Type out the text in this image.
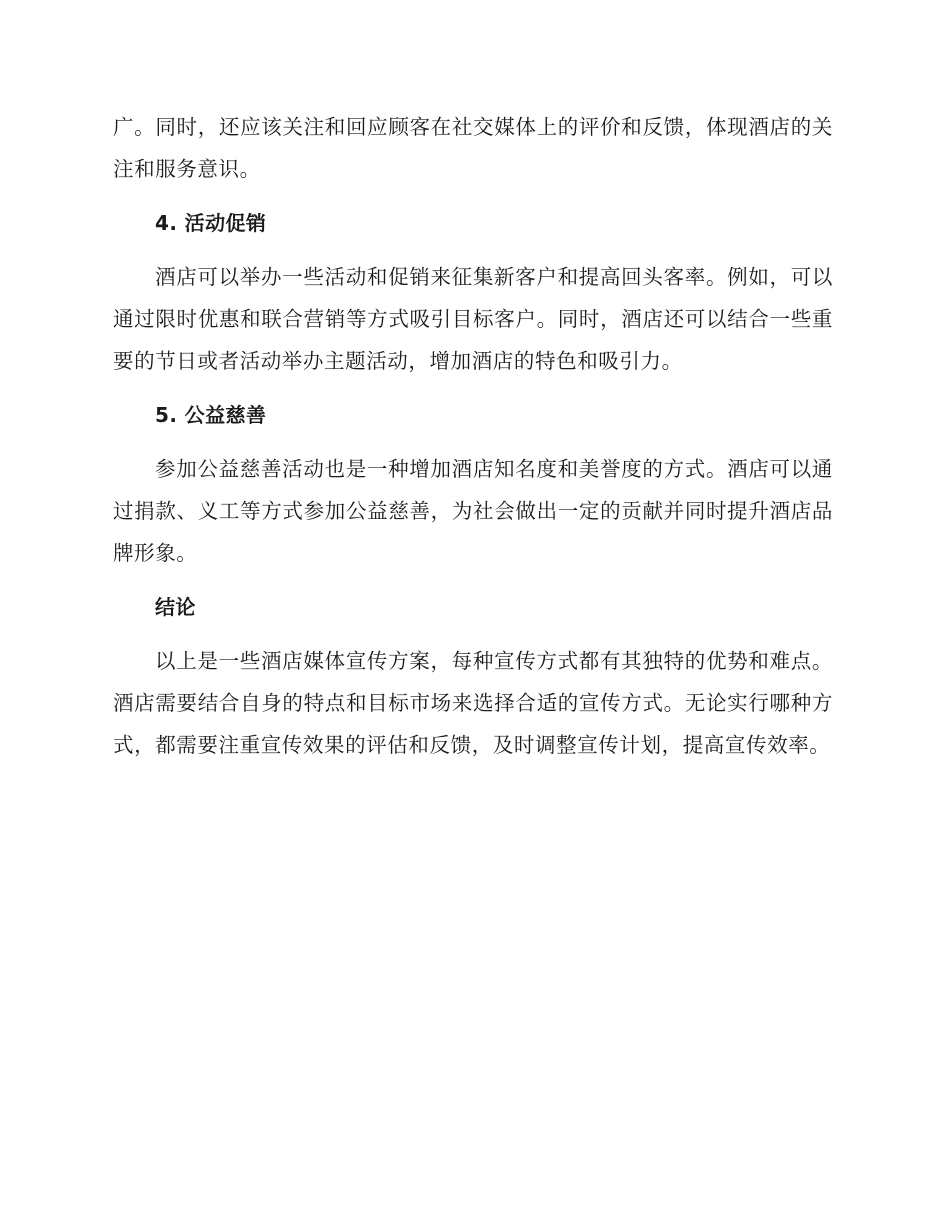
广。同时，还应该关注和回应顾客在社交媒体上的评价和反馈，体现酒店的关注和服务意识。

4. 活动促销

酒店可以举办一些活动和促销来征集新客户和提高回头客率。例如，可以通过限时优惠和联合营销等方式吸引目标客户。同时，酒店还可以结合一些重要的节日或者活动举办主题活动，增加酒店的特色和吸引力。

5. 公益慈善

参加公益慈善活动也是一种增加酒店知名度和美誉度的方式。酒店可以通过捐款、义工等方式参加公益慈善，为社会做出一定的贡献并同时提升酒店品牌形象。

结论

以上是一些酒店媒体宣传方案，每种宣传方式都有其独特的优势和难点。酒店需要结合自身的特点和目标市场来选择合适的宣传方式。无论实行哪种方式，都需要注重宣传效果的评估和反馈，及时调整宣传计划，提高宣传效率。
